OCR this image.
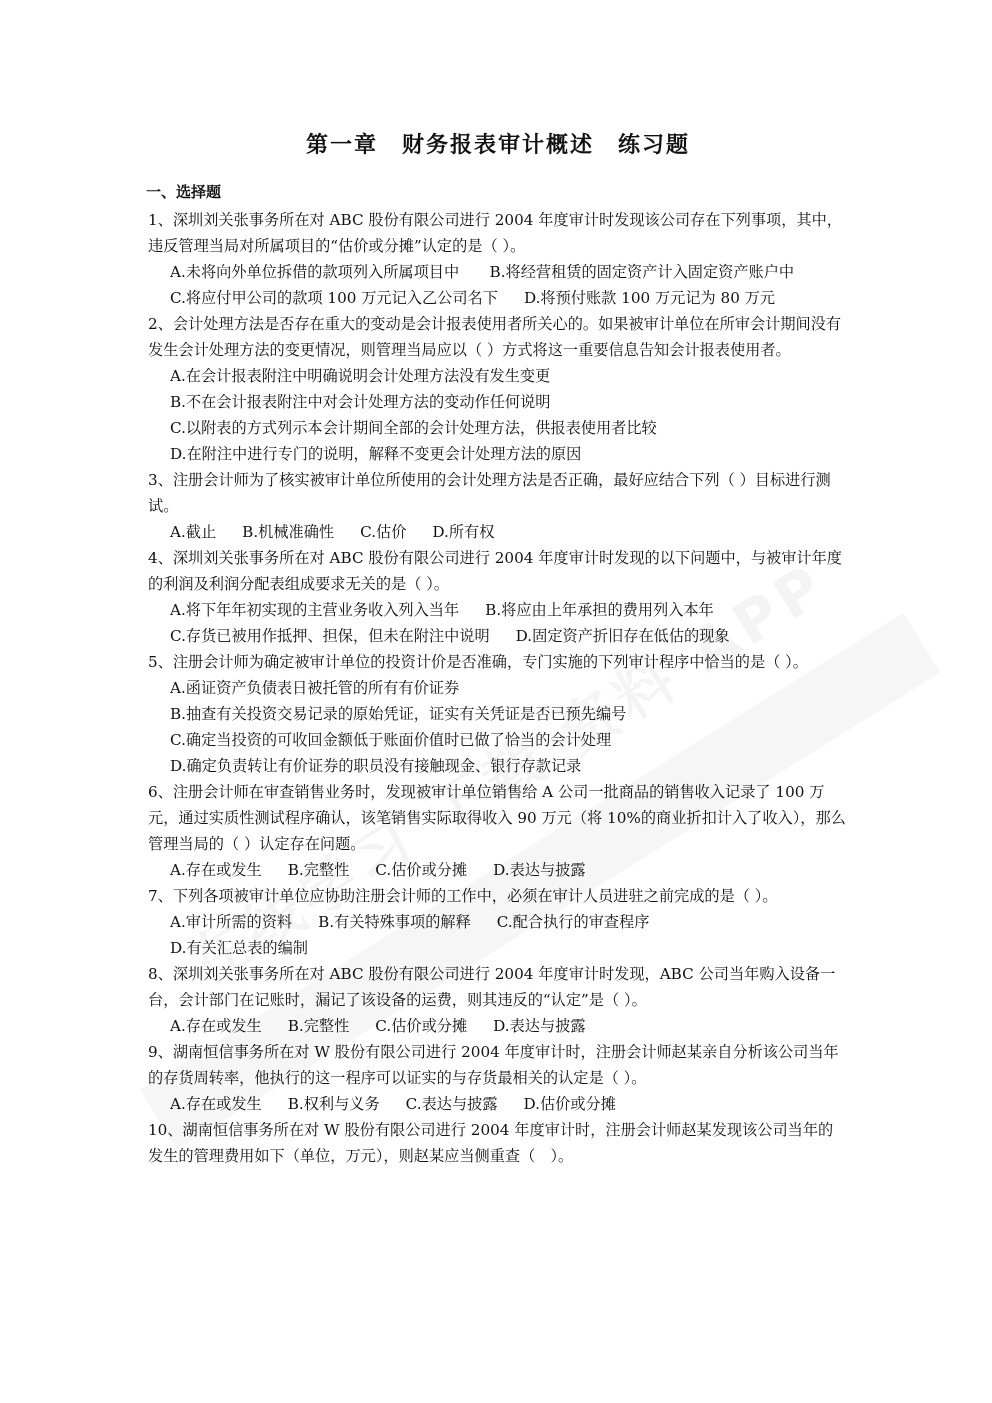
第一章　财务报表审计概述　练习题
一、选择题

1、深圳刘关张事务所在对 ABC 股份有限公司进行 2004 年度审计时发现该公司存在下列事项，其中，违反管理当局对所属项目的“估价或分摊”认定的是（ ）。

A.未将向外单位拆借的款项列入所属项目中　　B.将经营租赁的固定资产计入固定资产账户中

C.将应付甲公司的款项 100 万元记入乙公司名下 D.将预付账款 100 万元记为 80 万元

2、会计处理方法是否存在重大的变动是会计报表使用者所关心的。如果被审计单位在所审会计期间没有发生会计处理方法的变更情况，则管理当局应以（ ）方式将这一重要信息告知会计报表使用者。

A.在会计报表附注中明确说明会计处理方法没有发生变更

B.不在会计报表附注中对会计处理方法的变动作任何说明

C.以附表的方式列示本会计期间全部的会计处理方法，供报表使用者比较

D.在附注中进行专门的说明，解释不变更会计处理方法的原因

3、注册会计师为了核实被审计单位所使用的会计处理方法是否正确，最好应结合下列（ ）目标进行测试。

A.截止 B.机械准确性 C.估价 D.所有权

4、深圳刘关张事务所在对 ABC 股份有限公司进行 2004 年度审计时发现的以下问题中，与被审计年度的利润及利润分配表组成要求无关的是（ ）。

A.将下年年初实现的主营业务收入列入当年 B.将应由上年承担的费用列入本年

C.存货已被用作抵押、担保，但未在附注中说明 D.固定资产折旧存在低估的现象

5、注册会计师为确定被审计单位的投资计价是否准确，专门实施的下列审计程序中恰当的是（ ）。

A.函证资产负债表日被托管的所有有价证券

B.抽查有关投资交易记录的原始凭证，证实有关凭证是否已预先编号

C.确定当投资的可收回金额低于账面价值时已做了恰当的会计处理

D.确定负责转让有价证券的职员没有接触现金、银行存款记录

6、注册会计师在审查销售业务时，发现被审计单位销售给 A 公司一批商品的销售收入记录了 100 万元，通过实质性测试程序确认，该笔销售实际取得收入 90 万元（将 10%的商业折扣计入了收入），那么管理当局的（ ）认定存在问题。

A.存在或发生 B.完整性 C.估价或分摊 D.表达与披露

7、下列各项被审计单位应协助注册会计师的工作中，必须在审计人员进驻之前完成的是（ ）。

A.审计所需的资料 B.有关特殊事项的解释 C.配合执行的审查程序

D.有关汇总表的编制

8、深圳刘关张事务所在对 ABC 股份有限公司进行 2004 年度审计时发现，ABC 公司当年购入设备一台，会计部门在记账时，漏记了该设备的运费，则其违反的“认定”是（ ）。

A.存在或发生 B.完整性 C.估价或分摊 D.表达与披露

9、湖南恒信事务所在对 W 股份有限公司进行 2004 年度审计时，注册会计师赵某亲自分析该公司当年的存货周转率，他执行的这一程序可以证实的与存货最相关的认定是（ ）。

A.存在或发生 B.权利与义务 C.表达与披露 D.估价或分摊

10、湖南恒信事务所在对 W 股份有限公司进行 2004 年度审计时，注册会计师赵某发现该公司当年的发生的管理费用如下（单位，万元），则赵某应当侧重查（　）。
